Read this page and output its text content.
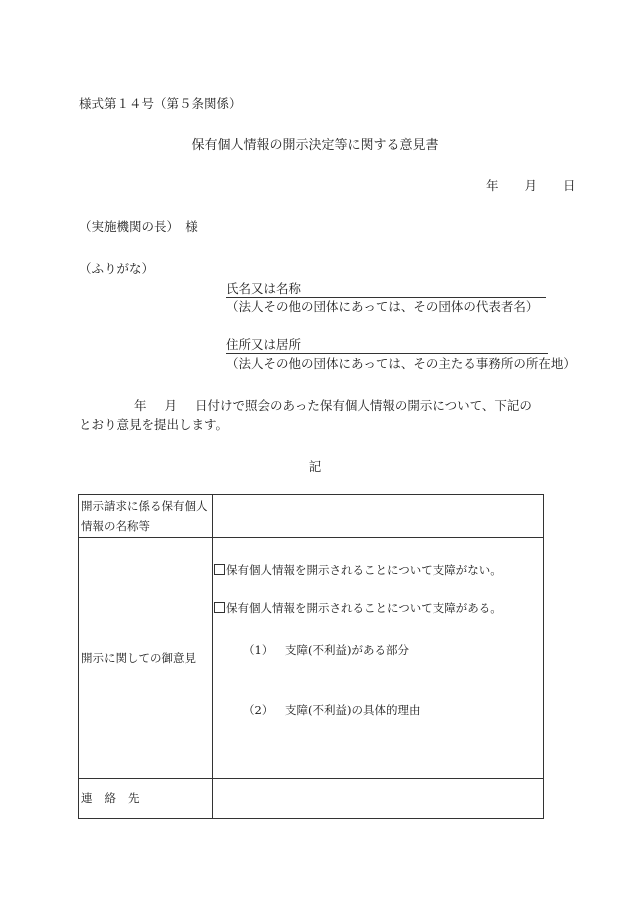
様式第１４号（第５条関係）
保有個人情報の開示決定等に関する意見書
年 月 日
（実施機関の長）　様
（ふりがな）
氏名又は名称
（法人その他の団体にあっては、その団体の代表者名）
住所又は居所
（法人その他の団体にあっては、その主たる事務所の所在地）
年 月 日付けで照会のあった保有個人情報の開示について、下記の
とおり意見を提出します。
記
開示請求に係る保有個人
情報の名称等	
開示に関しての御意見	保有個人情報を開示されることについて支障がない。
保有個人情報を開示されることについて支障がある。
（1） 支障(不利益)がある部分
（2） 支障(不利益)の具体的理由

連絡先	
